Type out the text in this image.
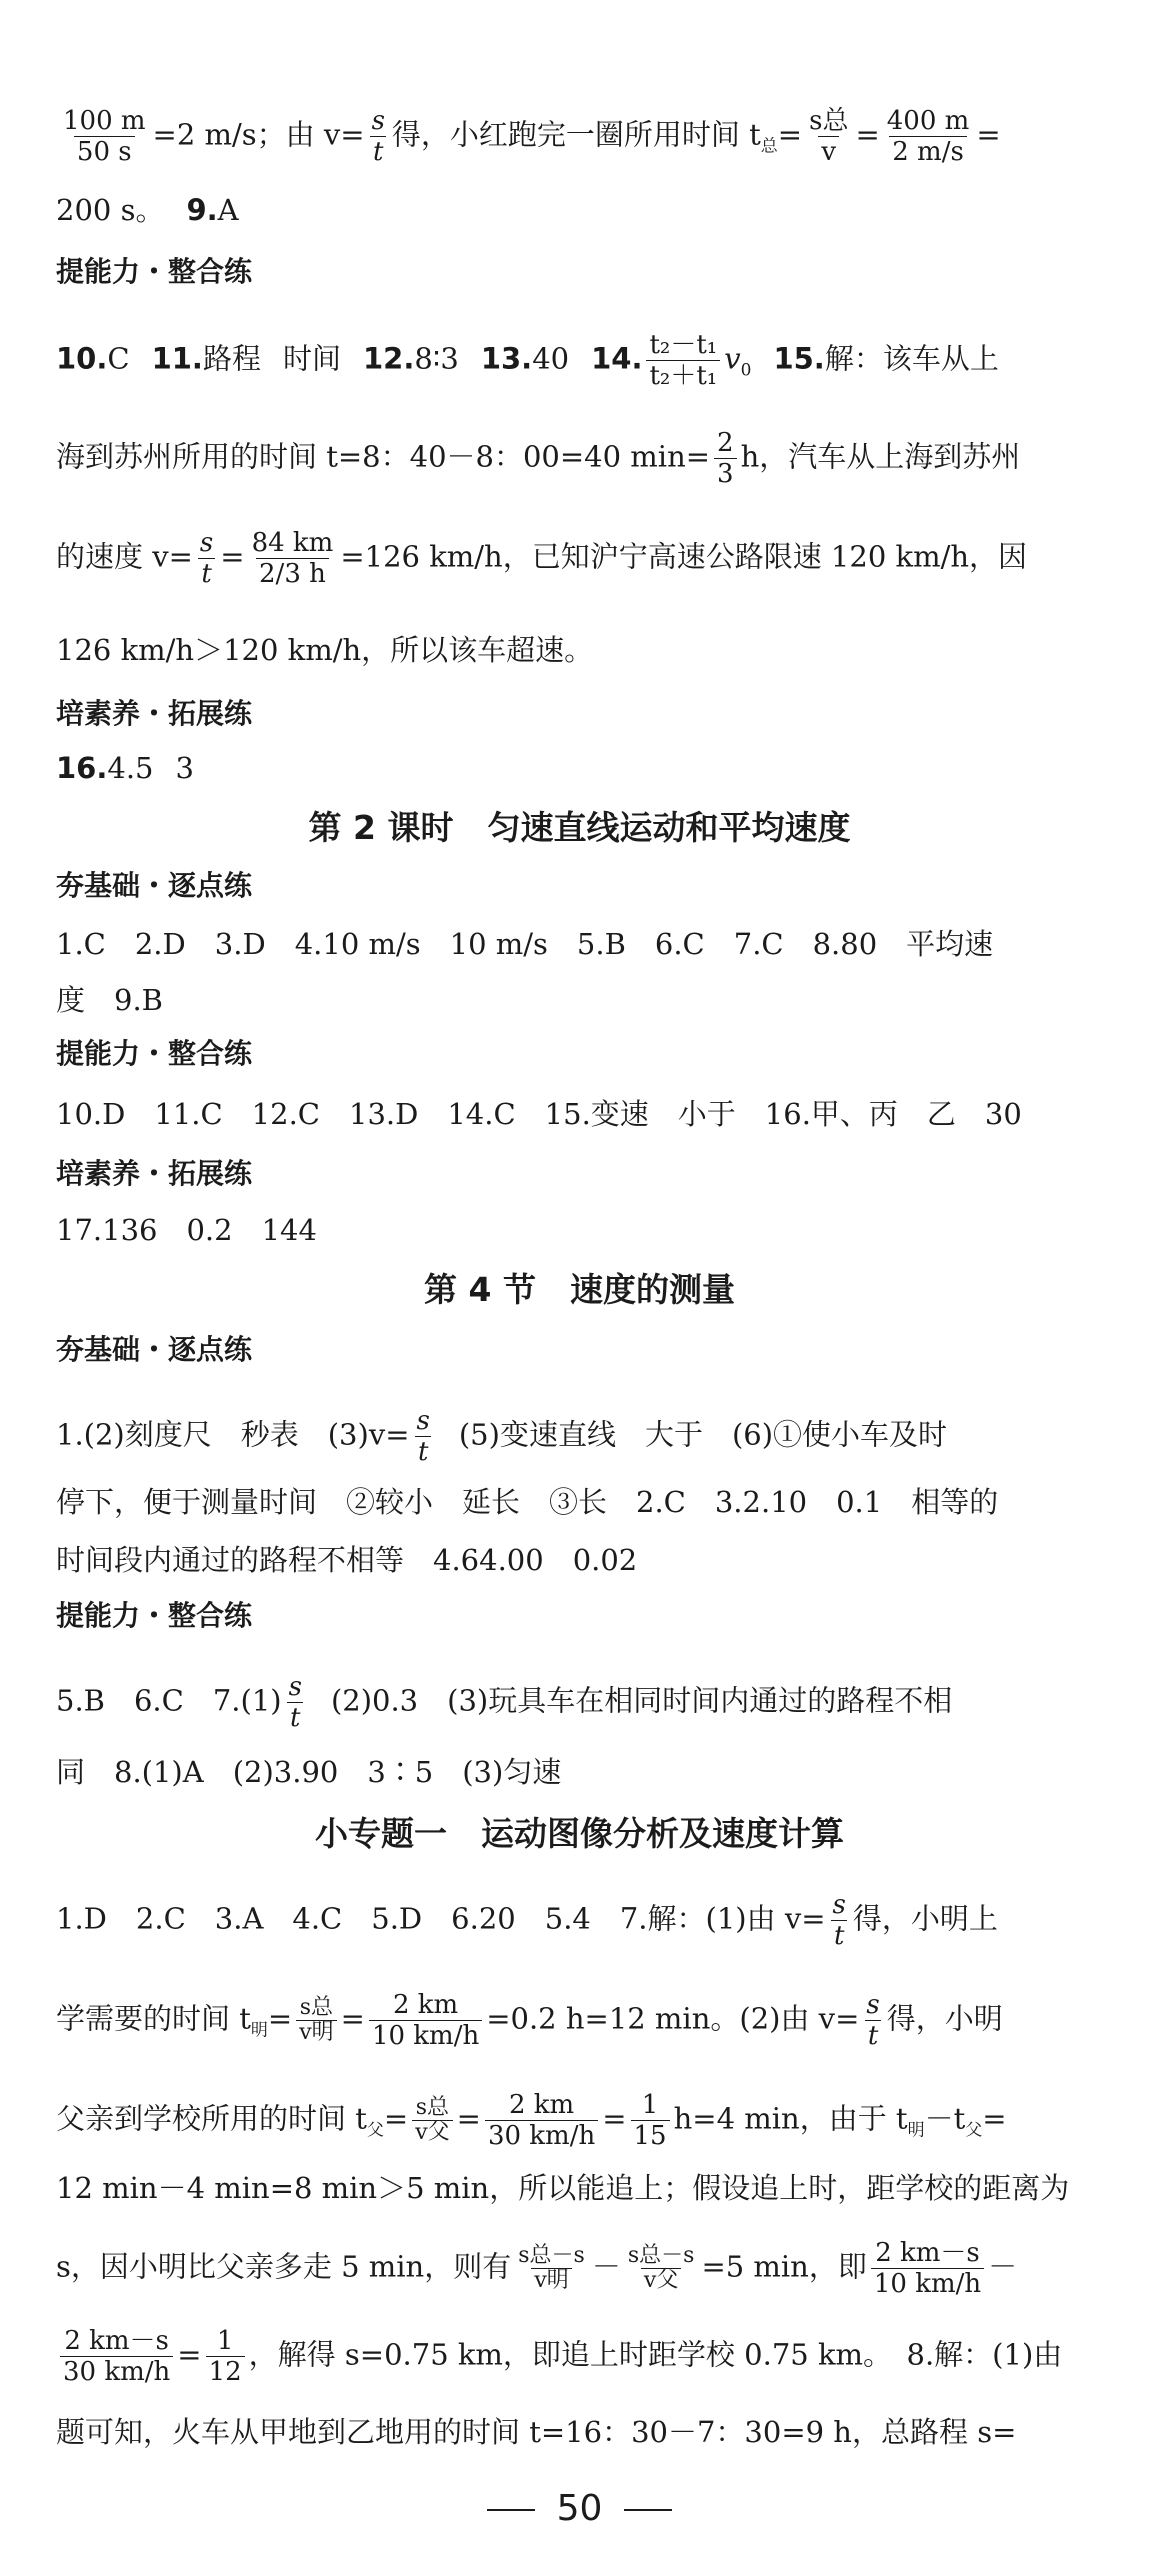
$\frac{100 m}{50 s} =2$ m/s；由 $v= \frac{s}{t}$ 得，小红跑完一圈所用时间 $t_总= \frac{\text{s总}}{v} = \frac{400 m}{2 m/s}$ =
200 s。 9.A
提能力・整合练
10.C 11.路程 时间 12.8∶3 13.40 14. $\frac{\text{t₂－t₁}}{\text{t₂＋t₁}} v_0$ 15.解：该车从上
海到苏州所用的时间 t=8：40－8：00=40 $\min= \frac{2}{3}$ h，汽车从上海到苏州
的速度 $v= \frac{s}{t} = \frac{84 km}{2/3 h} =126$ km/h，已知沪宁高速公路限速 120 km/h，因
126 km/h＞120 km/h，所以该车超速。
培素养・拓展练
16.4.5 3
第 2 课时 匀速直线运动和平均速度
夯基础・逐点练
1.C　2.D　3.D　4.10 m/s　10 m/s　5.B　6.C　7.C　8.80　平均速
度　9.B
提能力・整合练
10.D　11.C　12.C　13.D　14.C　15.变速　小于　16.甲、丙　乙　30
培素养・拓展练
17.136　0.2　144
第 4 节 速度的测量
夯基础・逐点练
1.(2)刻度尺　秒表　$(3)v= \frac{s}{t} (5)$变速直线　大于　(6)①使小车及时
停下，便于测量时间　②较小　延长　③长　2.C　3.2.10　0.1　相等的
时间段内通过的路程不相等　4.64.00　0.02
提能力・整合练
5.B　6.C　$7.(1) \frac{s}{t} (2)0.3$　(3)玩具车在相同时间内通过的路程不相
同　8.(1)A　(2)3.90　3∶5　(3)匀速
小专题一 运动图像分析及速度计算
1.D　2.C　3.A　4.C　5.D　6.20　5.4　7.解：(1)由 $v= \frac{s}{t}$ 得，小明上
学需要的时间 $t_明= \frac{\text{s总}}{\text{v明}} = \frac{2 km}{10 km/h} =0.2$ h=12 min。(2)由 $v= \frac{s}{t}$ 得，小明
父亲到学校所用的时间 $t_父= \frac{\text{s总}}{\text{v父}} = \frac{2 km}{30 km/h} = \frac{1}{15} h=4$ min，由于 $t_明-t_父=$
12 min－4 min=8 min＞5 min，所以能追上；假设追上时，距学校的距离为
s，因小明比父亲多走 5 min，则有 $\frac{\text{s总－s}}{\text{v明}} - \frac{\text{s总－s}}{\text{v父}} =5$ min，即 $\frac{2 km-s}{10 km/h}$ －
$\frac{2 km-s}{30 km/h} = \frac{1}{12}$ ，解得 s=0.75 km，即追上时距学校 0.75 km。　8.解：(1)由
题可知，火车从甲地到乙地用的时间 t=16：30－7：30=9 h，总路程 s=
50
